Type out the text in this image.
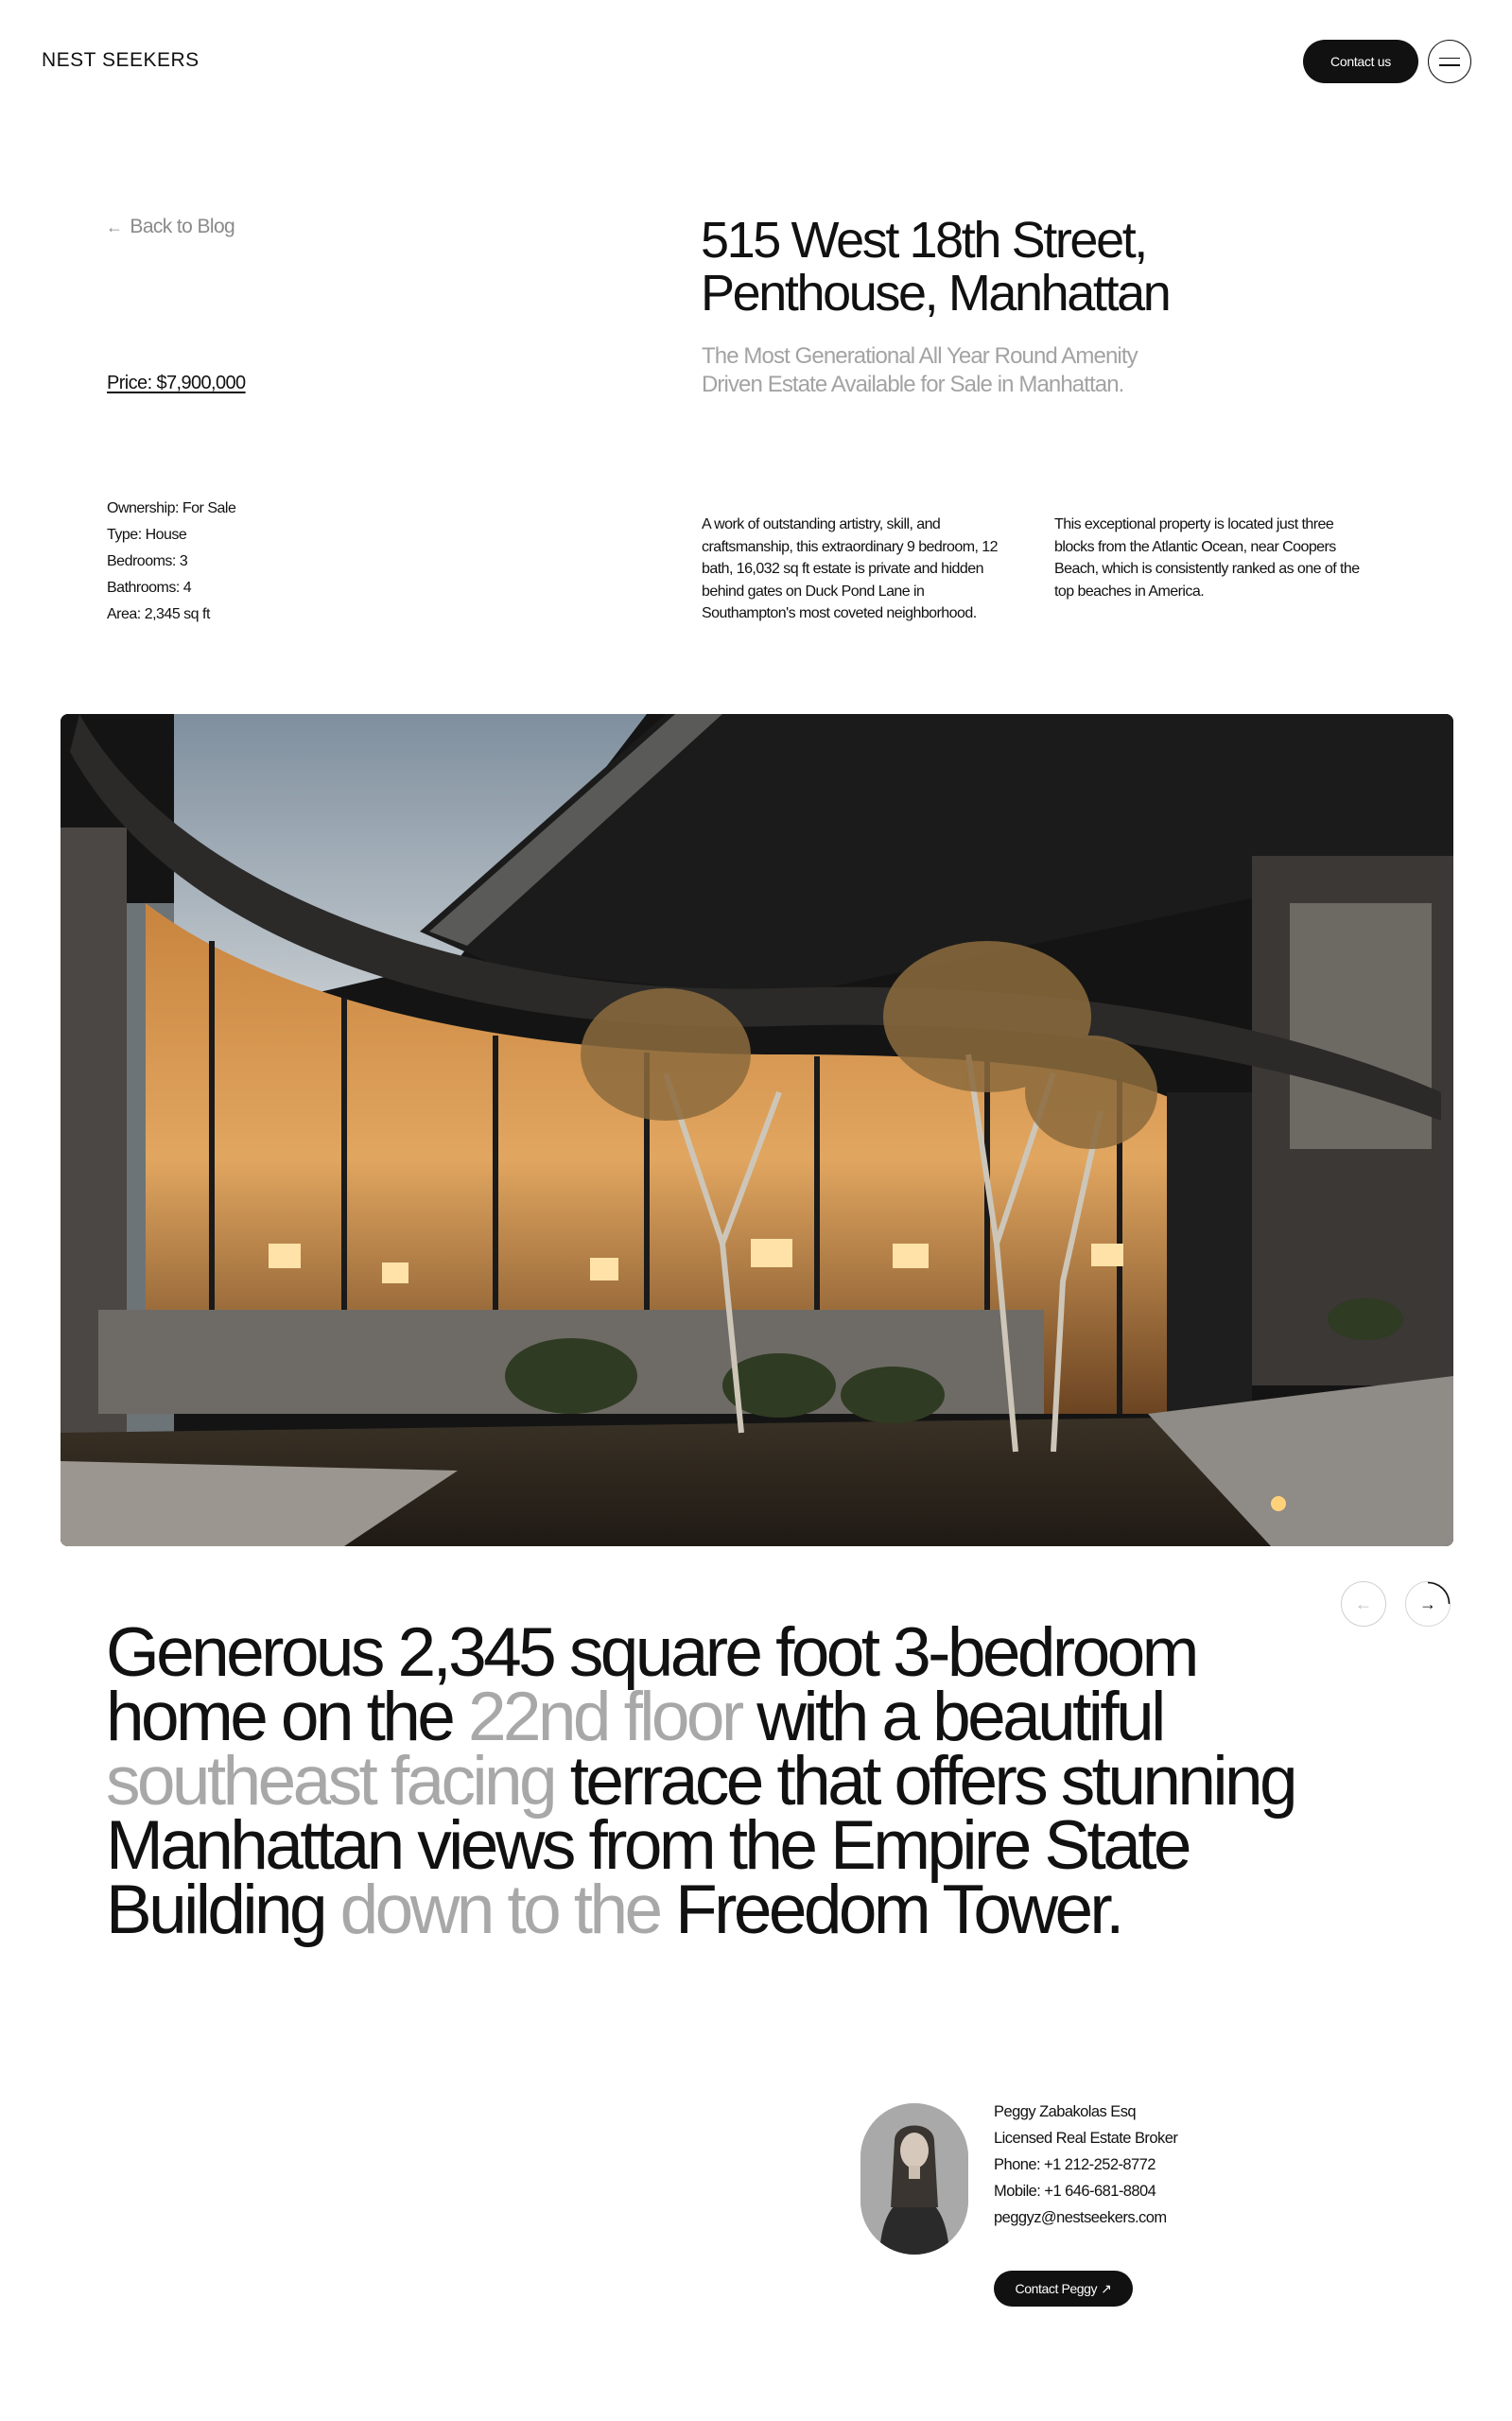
NEST SEEKERS	Contact us
← Back to Blog
Price: $7,900,000
Ownership: For Sale
Type: House
Bedrooms: 3
Bathrooms: 4
Area: 2,345 sq ft
515 West 18th Street,
Penthouse, Manhattan

The Most Generational All Year Round Amenity
Driven Estate Available for Sale in Manhattan.

A work of outstanding artistry, skill, and craftsmanship, this extraordinary 9 bedroom, 12 bath, 16,032 sq ft estate is private and hidden behind gates on Duck Pond Lane in Southampton's most coveted neighborhood.

This exceptional property is located just three blocks from the Atlantic Ocean, near Coopers Beach, which is consistently ranked as one of the top beaches in America.

←	→

Generous 2,345 square foot 3-bedroom home on the 22nd floor with a beautiful southeast facing terrace that offers stunning Manhattan views from the Empire State Building down to the Freedom Tower.

Peggy Zabakolas Esq
Licensed Real Estate Broker
Phone: +1 212-252-8772
Mobile: +1 646-681-8804
peggyz@nestseekers.com
Contact Peggy ↗
